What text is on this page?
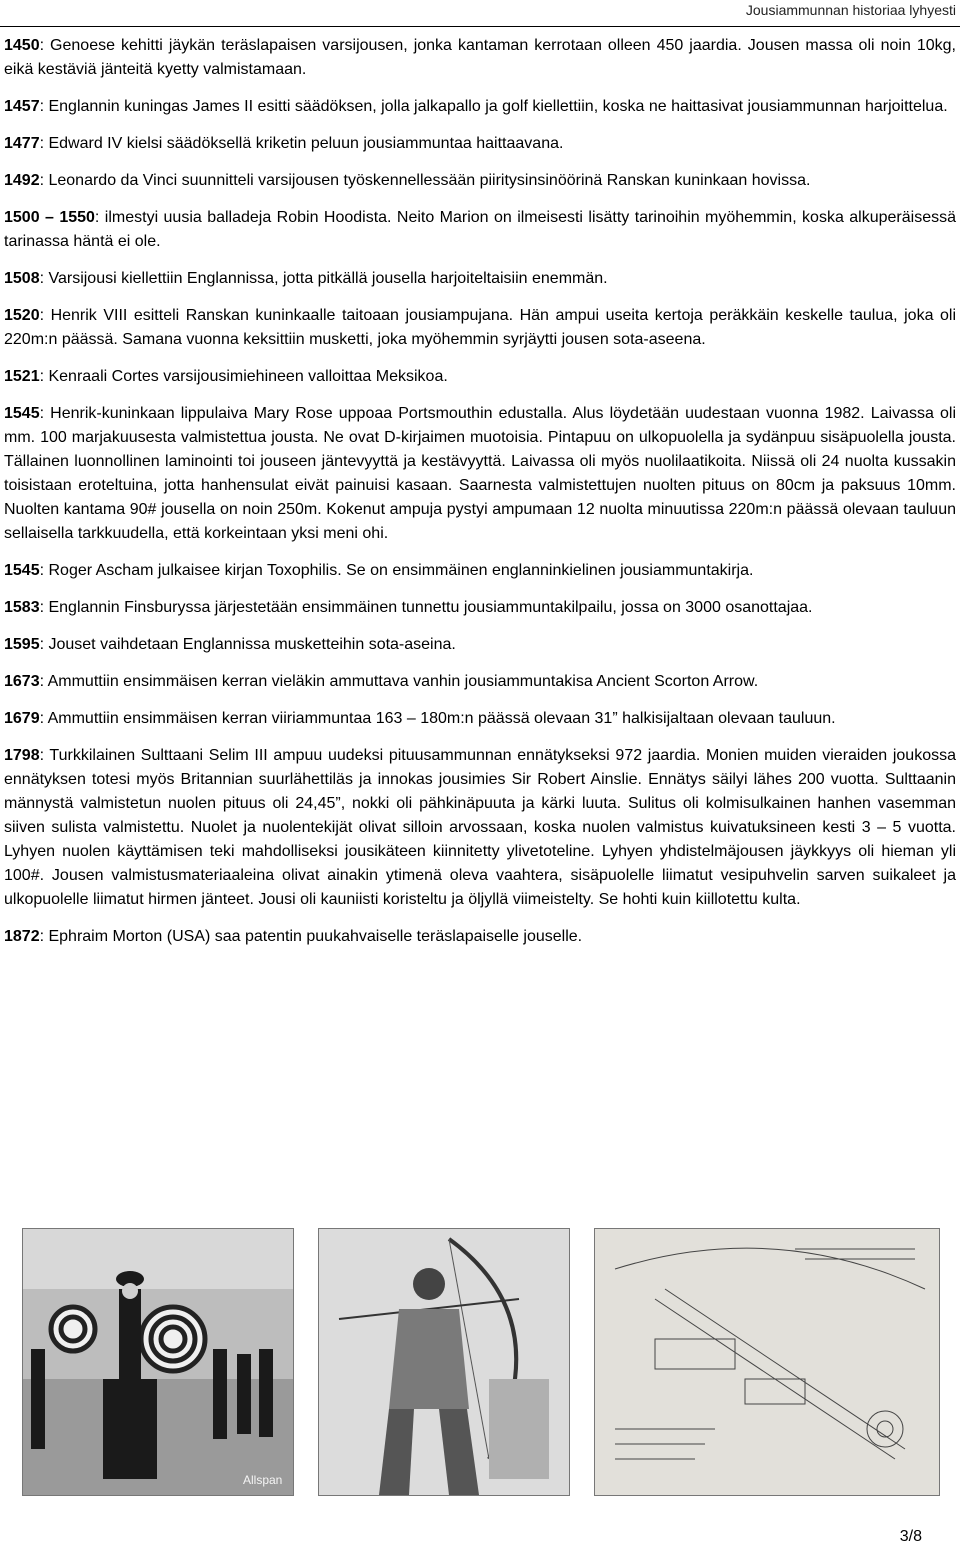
Jousiammunnan historiaa lyhyesti

1450: Genoese kehitti jäykän teräslapaisen varsijousen, jonka kantaman kerrotaan olleen 450 jaardia. Jousen massa oli noin 10kg, eikä kestäviä jänteitä kyetty valmistamaan.

1457: Englannin kuningas James II esitti säädöksen, jolla jalkapallo ja golf kiellettiin, koska ne haittasivat jousiammunnan harjoittelua.

1477: Edward IV kielsi säädöksellä kriketin peluun jousiammuntaa haittaavana.

1492: Leonardo da Vinci suunnitteli varsijousen työskennellessään piiritysinsinöörinä Ranskan kuninkaan hovissa.

1500 – 1550: ilmestyi uusia balladeja Robin Hoodista. Neito Marion on ilmeisesti lisätty tarinoihin myöhemmin, koska alkuperäisessä tarinassa häntä ei ole.

1508: Varsijousi kiellettiin Englannissa, jotta pitkällä jousella harjoiteltaisiin enemmän.

1520: Henrik VIII esitteli Ranskan kuninkaalle taitoaan jousiampujana. Hän ampui useita kertoja peräkkäin keskelle taulua, joka oli 220m:n päässä. Samana vuonna keksittiin musketti, joka myöhemmin syrjäytti jousen sota-aseena.

1521: Kenraali Cortes varsijousimiehineen valloittaa Meksikoa.

1545: Henrik-kuninkaan lippulaiva Mary Rose uppoaa Portsmouthin edustalla. Alus löydetään uudestaan vuonna 1982. Laivassa oli mm. 100 marjakuusesta valmistettua jousta. Ne ovat D-kirjaimen muotoisia. Pintapuu on ulkopuolella ja sydänpuu sisäpuolella jousta. Tällainen luonnollinen laminointi toi jouseen jäntevyyttä ja kestävyyttä. Laivassa oli myös nuolilaatikoita. Niissä oli 24 nuolta kussakin toisistaan eroteltuina, jotta hanhensulat eivät painuisi kasaan. Saarnesta valmistettujen nuolten pituus on 80cm ja paksuus 10mm. Nuolten kantama 90# jousella on noin 250m. Kokenut ampuja pystyi ampumaan 12 nuolta minuutissa 220m:n päässä olevaan tauluun sellaisella tarkkuudella, että korkeintaan yksi meni ohi.

1545: Roger Ascham julkaisee kirjan Toxophilis. Se on ensimmäinen englanninkielinen jousiammuntakirja.

1583: Englannin Finsburyssa järjestetään ensimmäinen tunnettu jousiammuntakilpailu, jossa on 3000 osanottajaa.

1595: Jouset vaihdetaan Englannissa musketteihin sota-aseina.

1673: Ammuttiin ensimmäisen kerran vieläkin ammuttava vanhin jousiammuntakisa Ancient Scorton Arrow.

1679: Ammuttiin ensimmäisen kerran viiriammuntaa 163 – 180m:n päässä olevaan 31” halkisijaltaan olevaan tauluun.

1798: Turkkilainen Sulttaani Selim III ampuu uudeksi pituusammunnan ennätykseksi 972 jaardia. Monien muiden vieraiden joukossa ennätyksen totesi myös Britannian suurlähettiläs ja innokas jousimies Sir Robert Ainslie. Ennätys säilyi lähes 200 vuotta. Sulttaanin männystä valmistetun nuolen pituus oli 24,45”, nokki oli pähkinäpuuta ja kärki luuta. Sulitus oli kolmisulkainen hanhen vasemman siiven sulista valmistettu. Nuolet ja nuolentekijät olivat silloin arvossaan, koska nuolen valmistus kuivatuksineen kesti 3 – 5 vuotta. Lyhyen nuolen käyttämisen teki mahdolliseksi jousikäteen kiinnitetty ylivetoteline. Lyhyen yhdistelmäjousen jäykkyys oli hieman yli 100#. Jousen valmistusmateriaaleina olivat ainakin ytimenä oleva vaahtera, sisäpuolelle liimatut vesipuhvelin sarven suikaleet ja ulkopuolelle liimatut hirmen jänteet. Jousi oli kauniisti koristeltu ja öljyllä viimeistelty. Se hohti kuin kiillotettu kulta.

1872: Ephraim Morton (USA) saa patentin puukahvaiselle teräslapaiselle jouselle.

Allspan
3/8
